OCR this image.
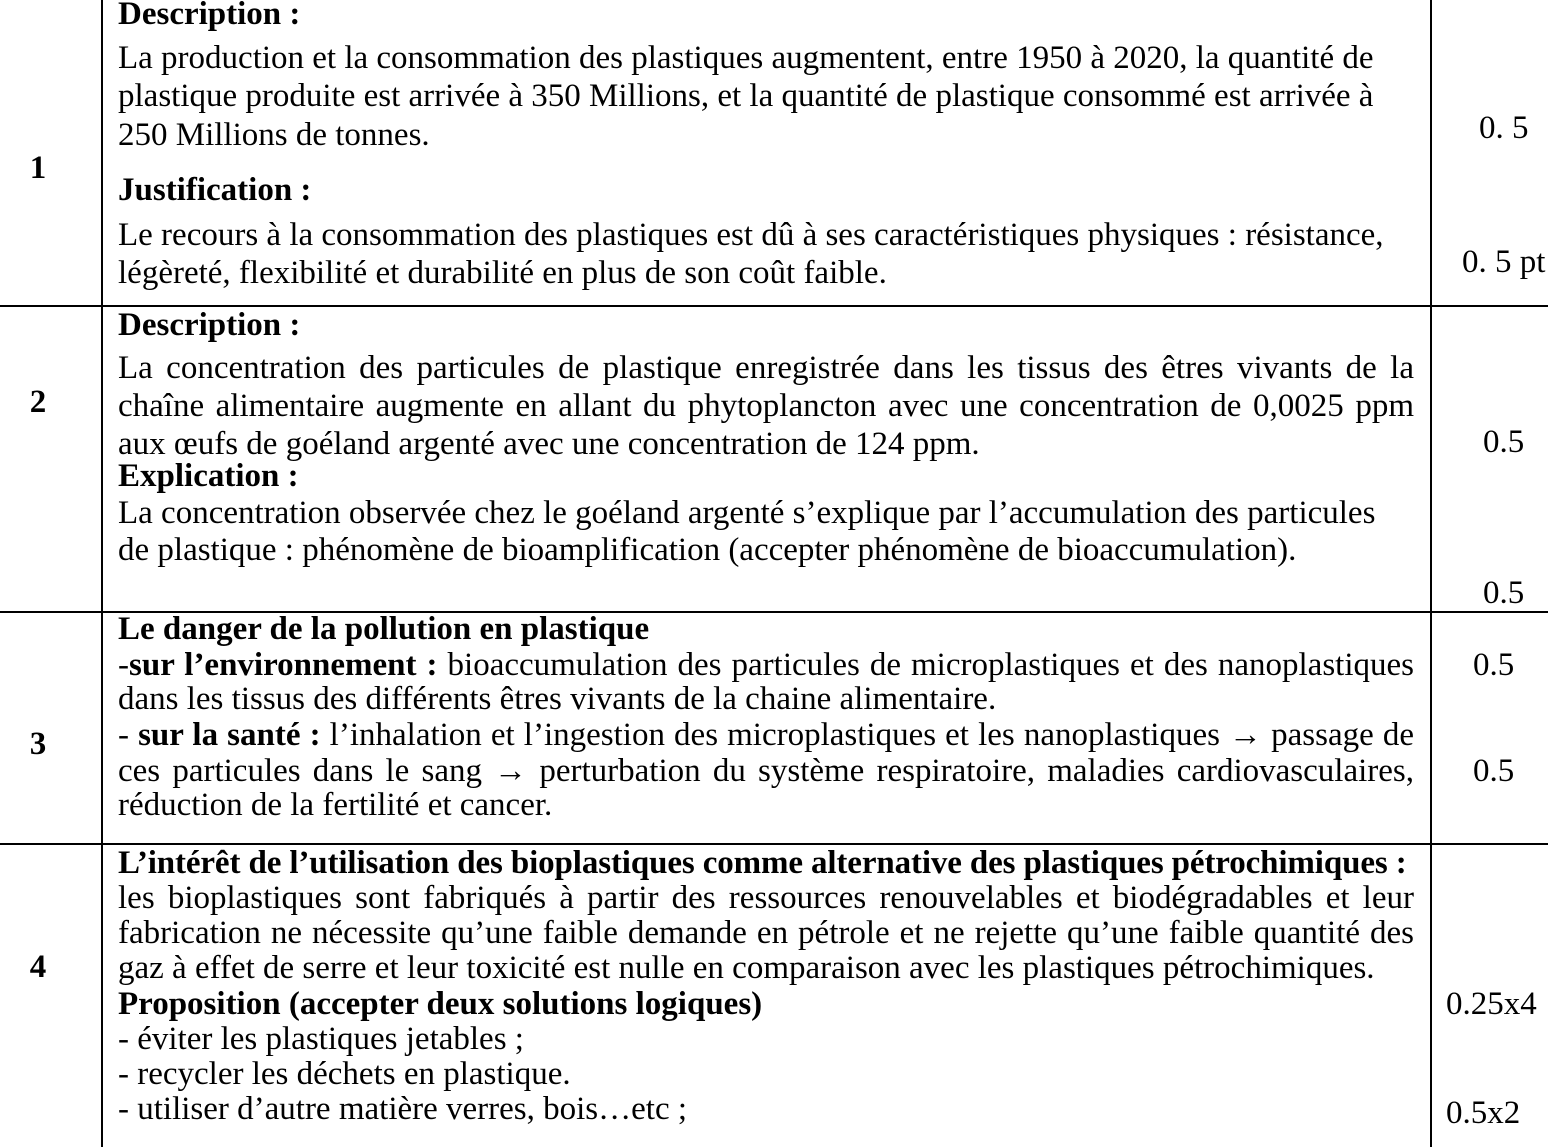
1
Description :
La production et la consommation des plastiques augmentent, entre 1950 à 2020, la quantité de
plastique produite est arrivée à 350 Millions, et la quantité de plastique consommé est arrivée à
250 Millions de tonnes.
Justification :
Le recours à la consommation des plastiques est dû à ses caractéristiques physiques : résistance,
légèreté, flexibilité et durabilité en plus de son coût faible.
0. 5
0. 5 pt
2
Description :
La concentration des particules de plastique enregistrée dans les tissus des êtres vivants de la
chaîne alimentaire augmente en allant du phytoplancton avec une concentration de 0,0025 ppm
aux œufs de goéland argenté avec une concentration de 124 ppm.
Explication :
La concentration observée chez le goéland argenté s’explique par l’accumulation des particules
de plastique : phénomène de bioamplification (accepter phénomène de bioaccumulation).
0.5
0.5
3
Le danger de la pollution en plastique
-sur l’environnement : bioaccumulation des particules de microplastiques et des nanoplastiques
dans les tissus des différents êtres vivants de la chaine alimentaire.
- sur la santé : l’inhalation et l’ingestion des microplastiques et les nanoplastiques → passage de
ces particules dans le sang → perturbation du système respiratoire, maladies cardiovasculaires,
réduction de la fertilité et cancer.
0.5
0.5
4
L’intérêt de l’utilisation des bioplastiques comme alternative des plastiques pétrochimiques :
les bioplastiques sont fabriqués à partir des ressources renouvelables et biodégradables et leur
fabrication ne nécessite qu’une faible demande en pétrole et ne rejette qu’une faible quantité des
gaz à effet de serre et leur toxicité est nulle en comparaison avec les plastiques pétrochimiques.
Proposition (accepter deux solutions logiques)
- éviter les plastiques jetables ;
- recycler les déchets en plastique.
- utiliser d’autre matière verres, bois…etc ;
0.25x4
0.5x2
